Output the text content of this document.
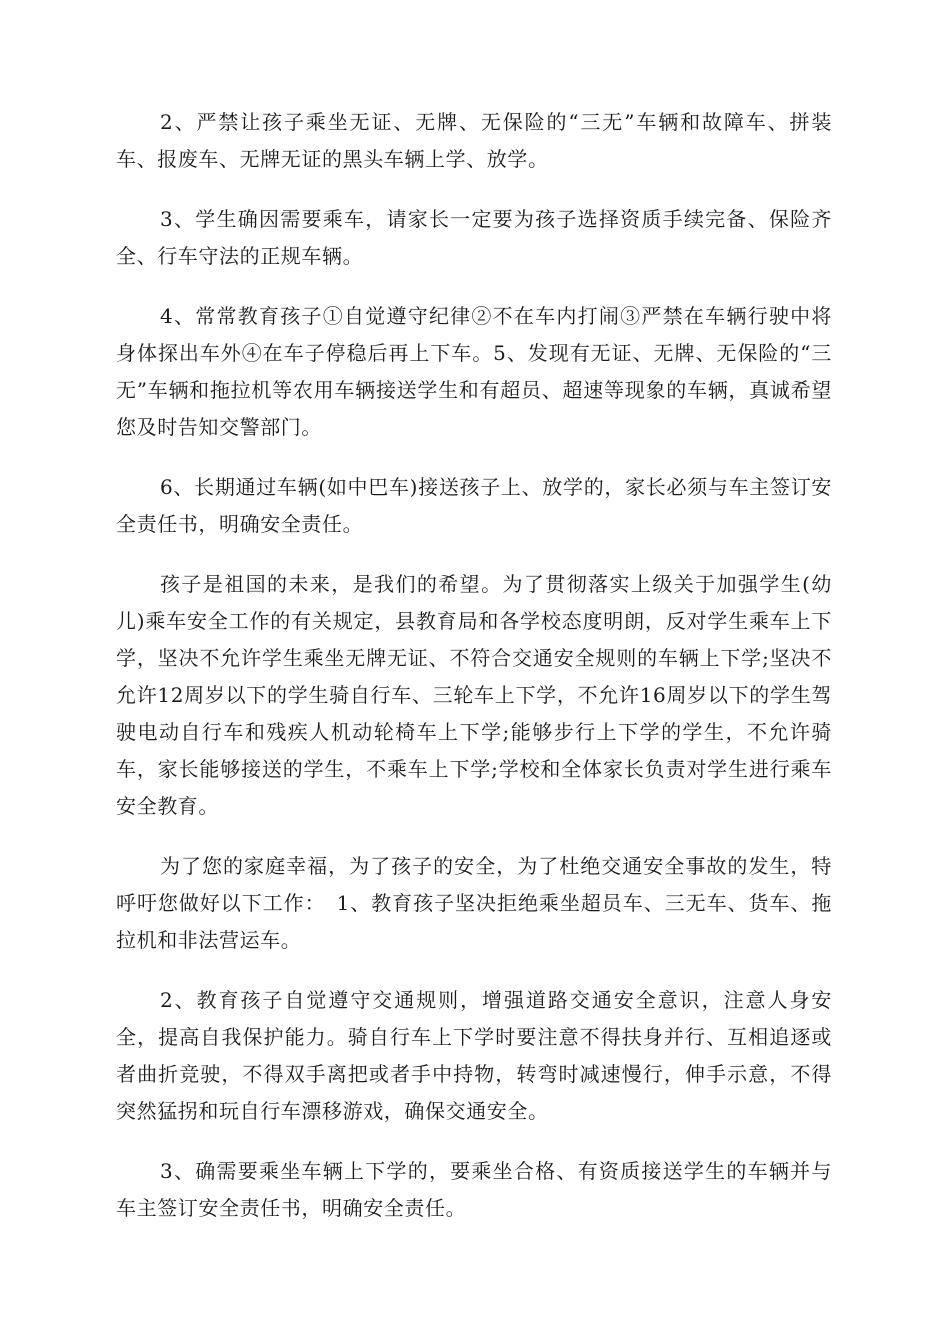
2、严禁让孩子乘坐无证、无牌、无保险的“三无”车辆和故障车、拼装车、报废车、无牌无证的黑头车辆上学、放学。

3、学生确因需要乘车，请家长一定要为孩子选择资质手续完备、保险齐全、行车守法的正规车辆。

4、常常教育孩子①自觉遵守纪律②不在车内打闹③严禁在车辆行驶中将身体探出车外④在车子停稳后再上下车。5、发现有无证、无牌、无保险的“三无”车辆和拖拉机等农用车辆接送学生和有超员、超速等现象的车辆，真诚希望您及时告知交警部门。

6、长期通过车辆(如中巴车)接送孩子上、放学的，家长必须与车主签订安全责任书，明确安全责任。

孩子是祖国的未来，是我们的希望。为了贯彻落实上级关于加强学生(幼儿)乘车安全工作的有关规定，县教育局和各学校态度明朗，反对学生乘车上下学，坚决不允许学生乘坐无牌无证、不符合交通安全规则的车辆上下学;坚决不允许12周岁以下的学生骑自行车、三轮车上下学，不允许16周岁以下的学生驾驶电动自行车和残疾人机动轮椅车上下学;能够步行上下学的学生，不允许骑车，家长能够接送的学生，不乘车上下学;学校和全体家长负责对学生进行乘车安全教育。

为了您的家庭幸福，为了孩子的安全，为了杜绝交通安全事故的发生，特呼吁您做好以下工作：　1、教育孩子坚决拒绝乘坐超员车、三无车、货车、拖拉机和非法营运车。

2、教育孩子自觉遵守交通规则，增强道路交通安全意识，注意人身安全，提高自我保护能力。骑自行车上下学时要注意不得扶身并行、互相追逐或者曲折竞驶，不得双手离把或者手中持物，转弯时减速慢行，伸手示意，不得突然猛拐和玩自行车漂移游戏，确保交通安全。

3、确需要乘坐车辆上下学的，要乘坐合格、有资质接送学生的车辆并与车主签订安全责任书，明确安全责任。
